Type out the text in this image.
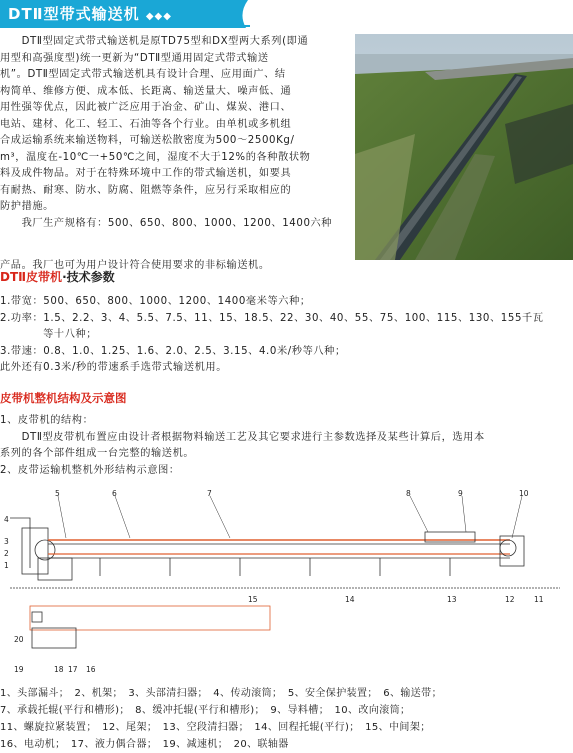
DTⅡ型带式输送机 ◆◆◆

　　DTⅡ型固定式带式输送机是原TD75型和DX型两大系列(即通

用型和高强度型)统一更新为“DTⅡ型通用固定式带式输送

机”。DTⅡ型固定式带式输送机具有设计合理、应用面广、结

构简单、维修方便、成本低、长距离、输送量大、噪声低、通

用性强等优点，因此被广泛应用于冶金、矿山、煤炭、港口、

电站、建材、化工、轻工、石油等各个行业。由单机或多机组

合成运输系统来输送物料，可输送松散密度为500～2500Kg/

m³，温度在-10℃一+50℃之间，湿度不大于12%的各种散状物

料及成件物品。对于在特殊环境中工作的带式输送机，如要具

有耐热、耐寒、防水、防腐、阻燃等条件，应另行采取相应的

防护措施。

　　我厂生产规格有：500、650、800、1000、1200、1400六种

产品。我厂也可为用户设计符合使用要求的非标输送机。

DTⅡ皮带机·技术参数

1.带宽：500、650、800、1000、1200、1400毫米等六种；

2.功率：1.5、2.2、3、4、5.5、7.5、11、15、18.5、22、30、40、55、75、100、115、130、155千瓦

　　　　等十八种；

3.带速：0.8、1.0、1.25、1.6、2.0、2.5、3.15、4.0米/秒等八种；

此外还有0.3米/秒的带速系手选带式输送机用。

皮带机整机结构及示意图

1、皮带机的结构：

　　DTⅡ型皮带机布置应由设计者根据物料输送工艺及其它要求进行主参数选择及某些计算后，选用本

系列的各个部件组成一台完整的输送机。

2、皮带运输机整机外形结构示意图：

4
3
2
1
5	6	7	8	9	10
11
12
13
14
15
16
17
18
19
20

1、头部漏斗；　2、机架；　3、头部清扫器；　4、传动滚筒；　5、安全保护装置；　6、输送带；

7、承载托辊(平行和槽形)；　8、缓冲托辊(平行和槽形)；　9、导料槽；　10、改向滚筒；

11、螺旋拉紧装置；　12、尾架；　13、空段清扫器；　14、回程托辊(平行)；　15、中间架；

16、电动机；　17、液力偶合器；　19、减速机；　20、联轴器
